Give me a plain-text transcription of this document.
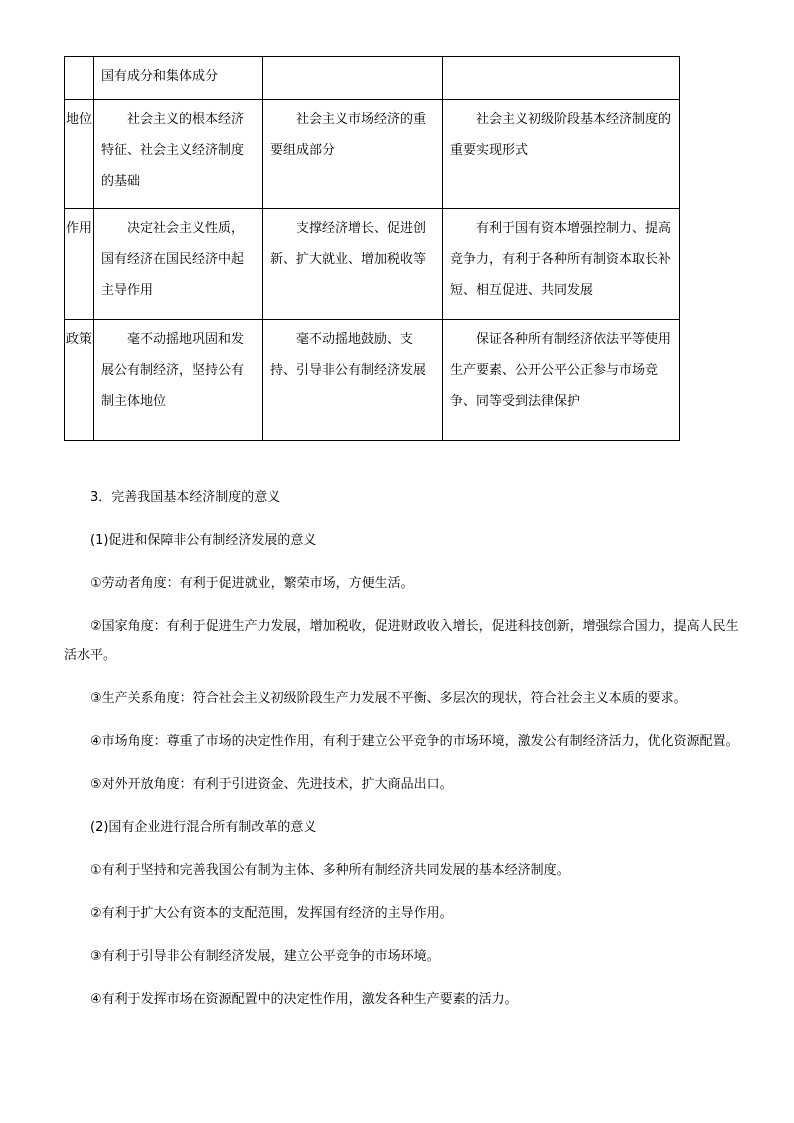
	国有成分和集体成分		
地位	社会主义的根本经济特征、社会主义经济制度的基础	社会主义市场经济的重要组成部分	社会主义初级阶段基本经济制度的重要实现形式

作用	决定社会主义性质，国有经济在国民经济中起主导作用	支撑经济增长、促进创新、扩大就业、增加税收等	有利于国有资本增强控制力、提高竞争力，有利于各种所有制资本取长补短、相互促进、共同发展

政策	毫不动摇地巩固和发展公有制经济，坚持公有制主体地位	毫不动摇地鼓励、支持、引导非公有制经济发展	保证各种所有制经济依法平等使用生产要素、公开公平公正参与市场竞争、同等受到法律保护

3．完善我国基本经济制度的意义

(1)促进和保障非公有制经济发展的意义

①劳动者角度：有利于促进就业，繁荣市场，方便生活。

②国家角度：有利于促进生产力发展，增加税收，促进财政收入增长，促进科技创新，增强综合国力，提高人民生活水平。

③生产关系角度：符合社会主义初级阶段生产力发展不平衡、多层次的现状，符合社会主义本质的要求。

④市场角度：尊重了市场的决定性作用，有利于建立公平竞争的市场环境，激发公有制经济活力，优化资源配置。

⑤对外开放角度：有利于引进资金、先进技术，扩大商品出口。

(2)国有企业进行混合所有制改革的意义

①有利于坚持和完善我国公有制为主体、多种所有制经济共同发展的基本经济制度。

②有利于扩大公有资本的支配范围，发挥国有经济的主导作用。

③有利于引导非公有制经济发展，建立公平竞争的市场环境。

④有利于发挥市场在资源配置中的决定性作用，激发各种生产要素的活力。
